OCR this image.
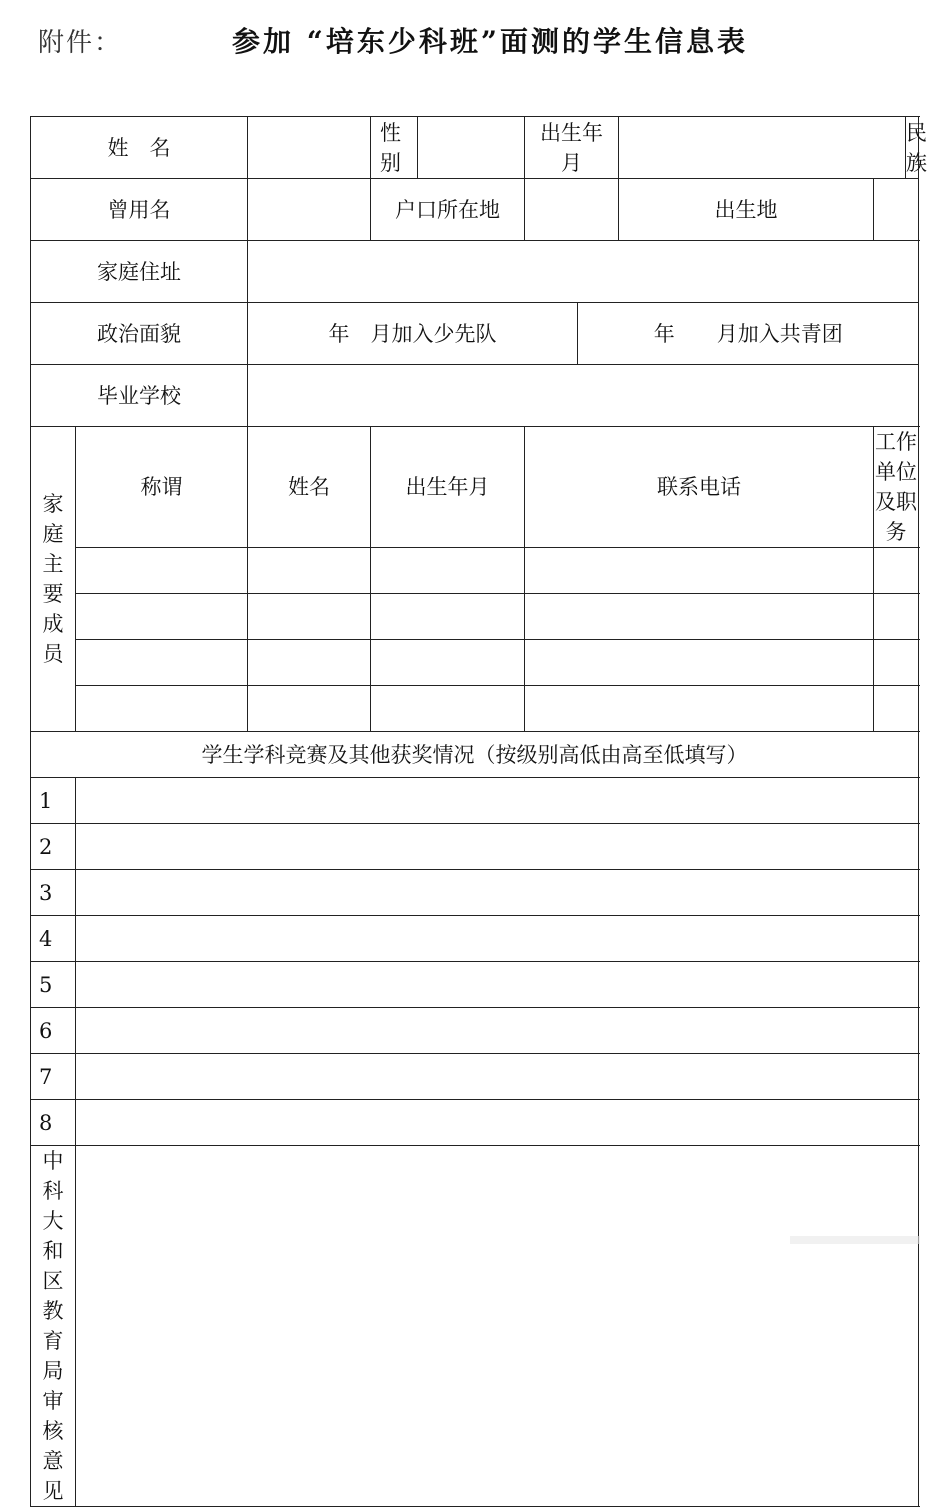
附件：	参加 “培东少科班”面测的学生信息表
姓　名			性别		出生年月				民族		

曾用名			户口所在地				出生地			
家庭住址										
政治面貌		年　月加入少先队				年　　月加入共青团				
毕业学校										
家庭主要成员	称谓	姓名	出生年月		联系电话			工作单位及职务		

学生学科竞赛及其他获奖情况（按级别高低由高至低填写）										
1										
2										
3										
4										
5										
6										
7										
8										
中科大和区教育局审核意见										
